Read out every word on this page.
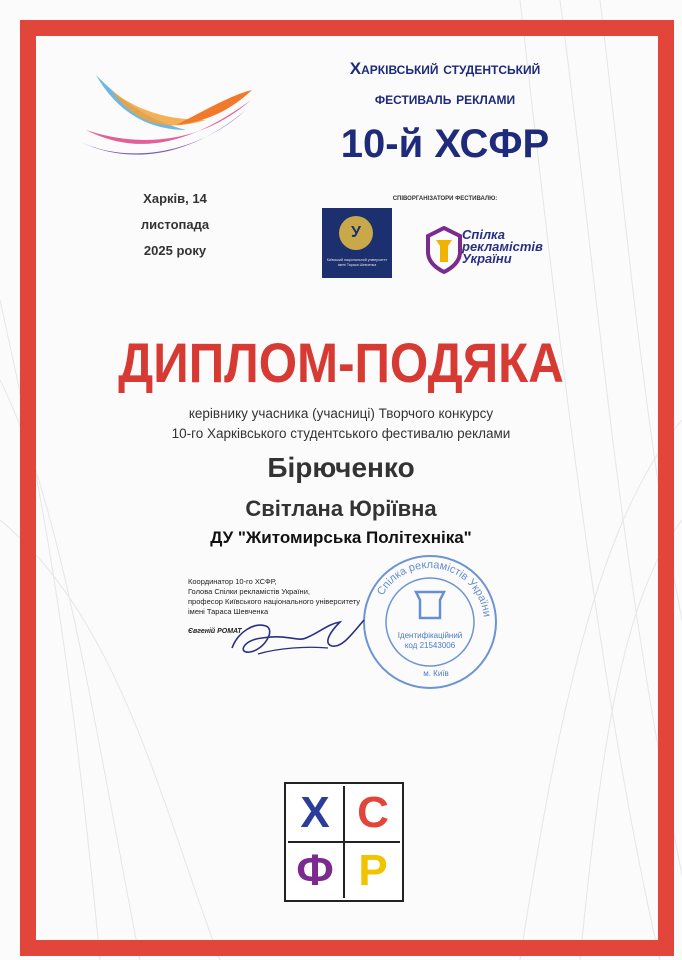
Харківський студентський
фестиваль реклами
10-й ХСФР
Харків, 14 листопада
2025 року
СПІВОРГАНІЗАТОРИ ФЕСТИВАЛЮ:
У
Київський національний університет
імені Тараса Шевченка
Спілка
рекламістів
України
ДИПЛОМ-ПОДЯКА
керівнику учасника (учасниці) Творчого конкурсу
10-го Харківського студентського фестивалю реклами
Бірюченко
Світлана Юріївна
ДУ "Житомирська Політехніка"
Координатор 10-го ХСФР,
Голова Спілки рекламістів України,
професор Київського національного університету
імені Тараса Шевченка
Євгеній РОМАТ
Спілка рекламістів України
Ідентифікаційний
код 21543006
м. Київ
Х С
Ф Р
